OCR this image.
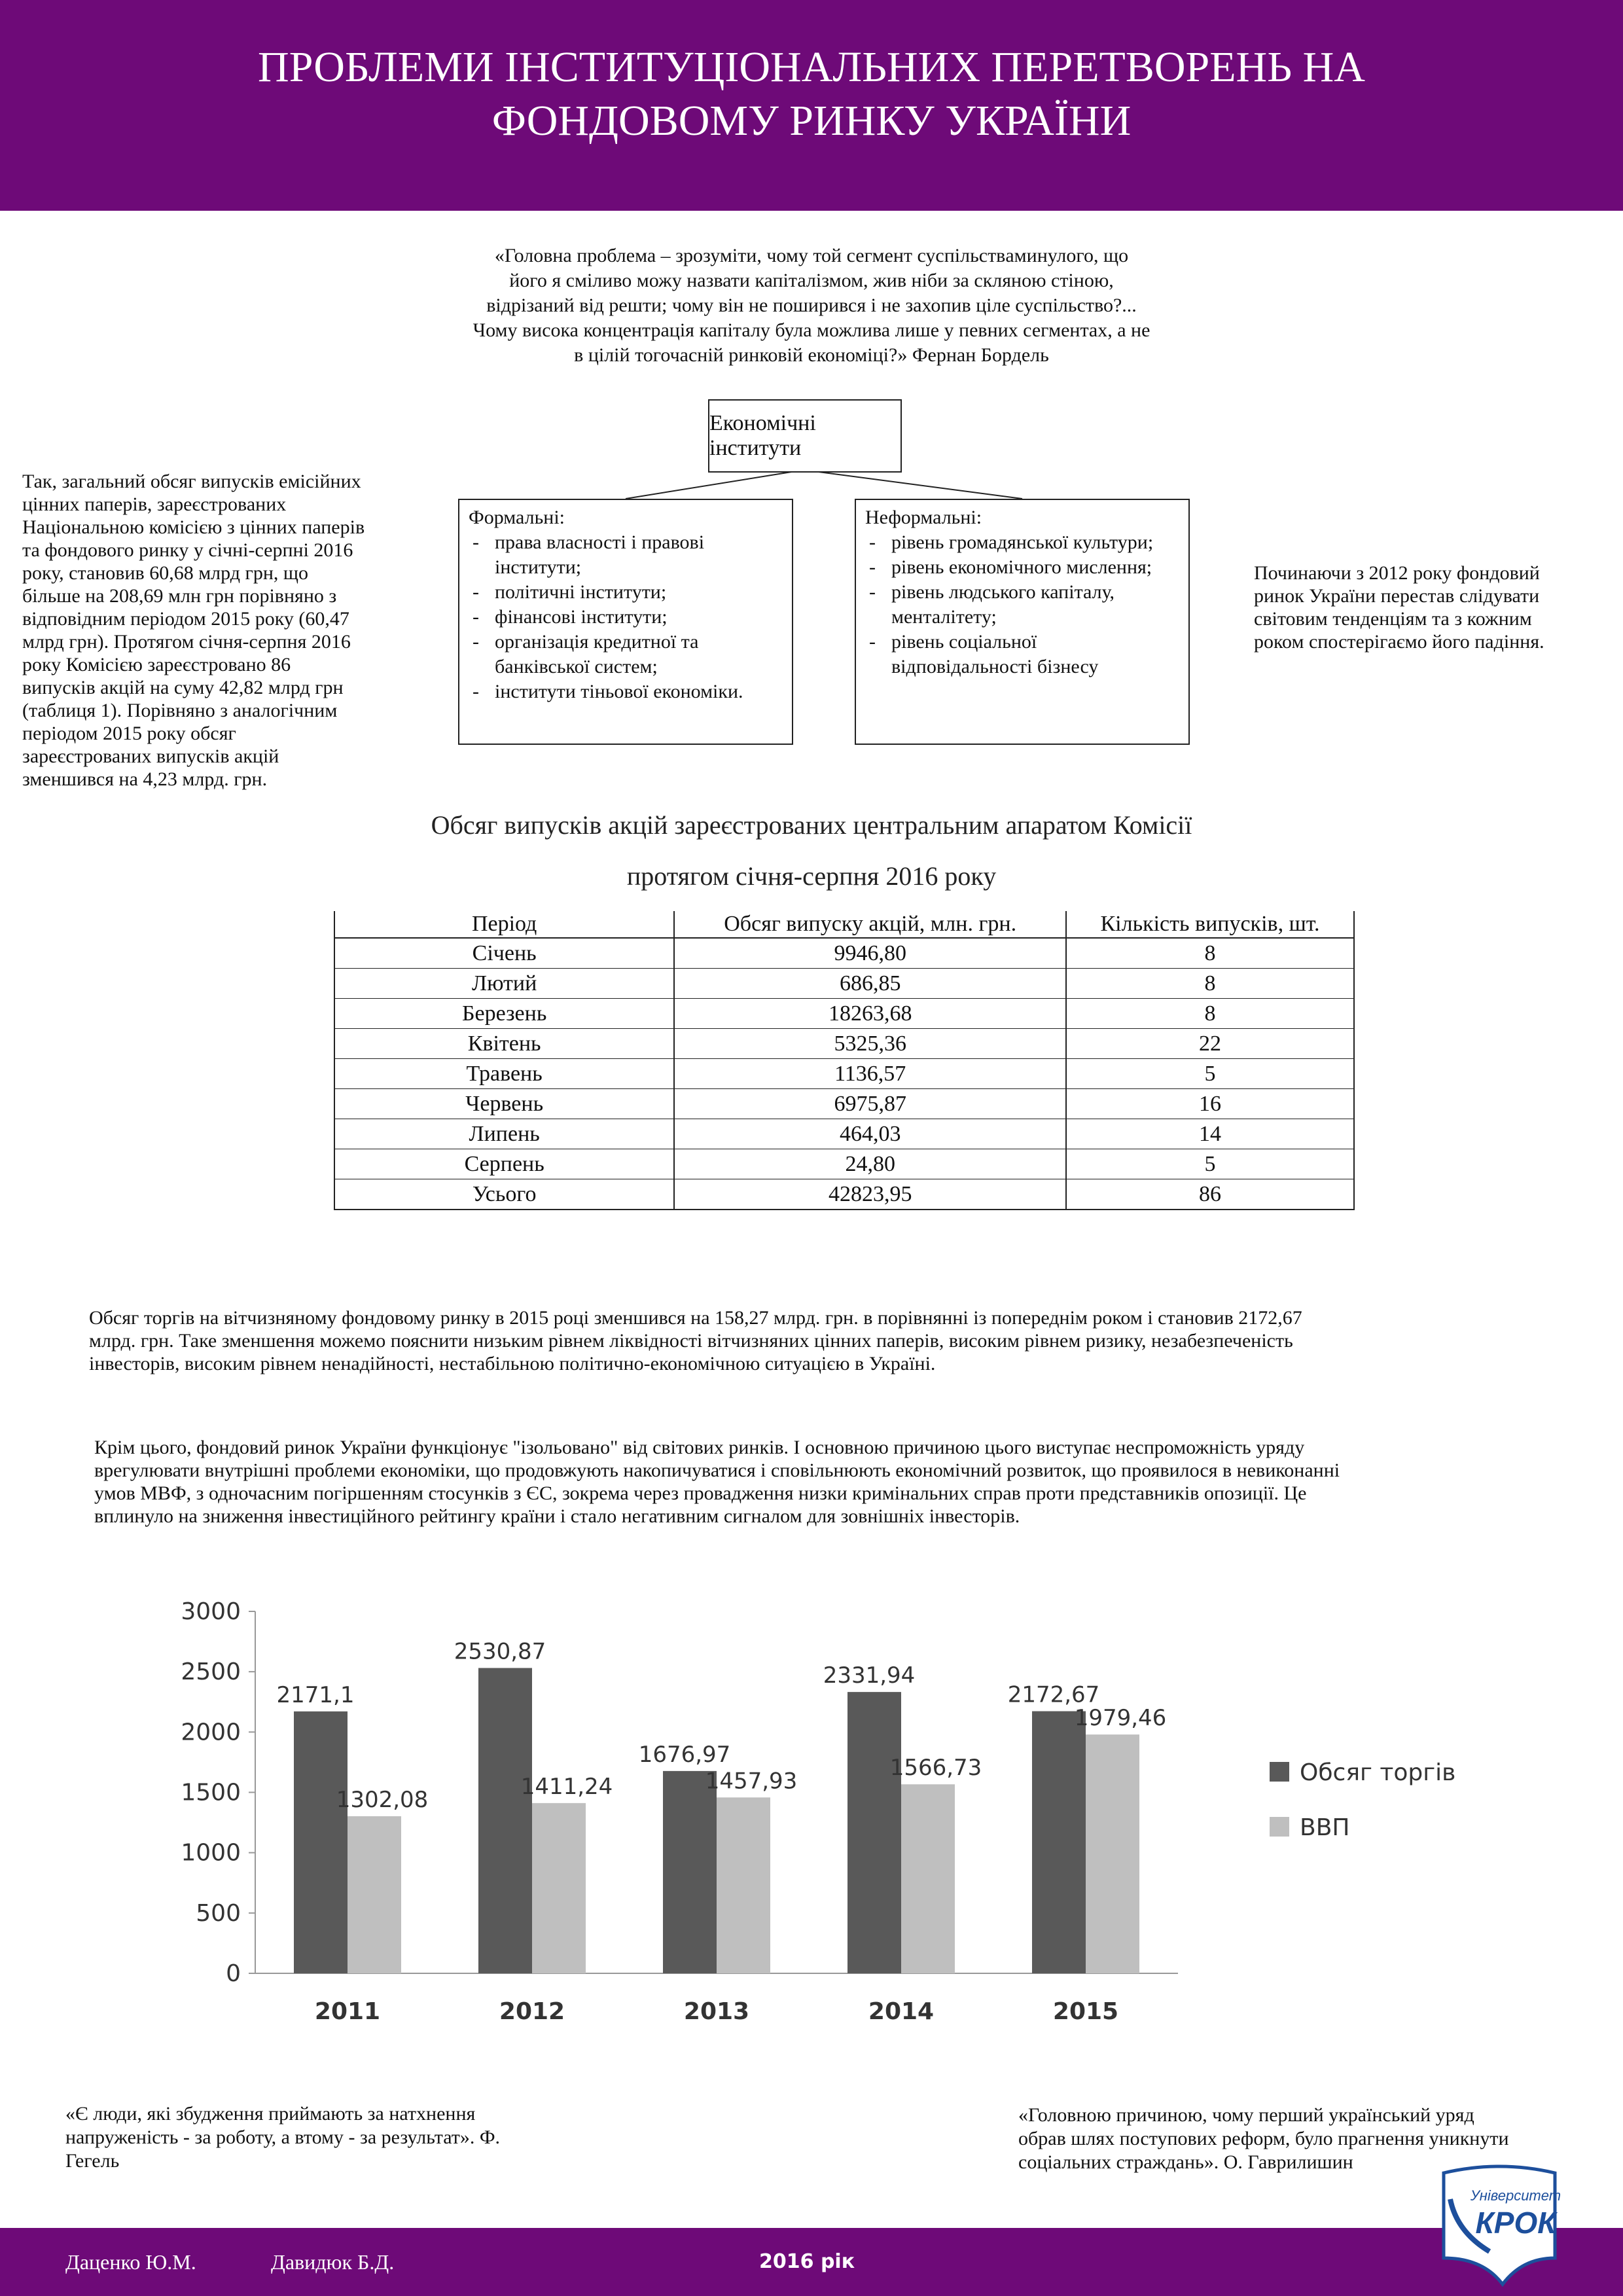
ПРОБЛЕМИ ІНСТИТУЦІОНАЛЬНИХ ПЕРЕТВОРЕНЬ НА
ФОНДОВОМУ РИНКУ УКРАЇНИ
«Головна проблема – зрозуміти, чому той сегмент суспільствaминулого, що
його я сміливо можу назвати капіталізмом, жив ніби за скляною стіною,
відрізаний від решти; чому він не поширився і не захопив ціле суспільство?...
Чому висока концентрація капіталу була можлива лише у певних сегментах, а не
в цілій тогочасній ринковій економіці?» Фернан Бордель
Так, загальний обсяг випусків емісійних
цінних паперів, зареєстрованих
Національною комісією з цінних паперів
та фондового ринку у січні-серпні 2016
року, становив 60,68 млрд грн, що
більше на 208,69 млн грн порівняно з
відповідним періодом 2015 року (60,47
млрд грн). Протягом січня-серпня 2016
року Комісією зареєстровано 86
випусків акцій на суму 42,82 млрд грн
(таблиця 1). Порівняно з аналогічним
періодом 2015 року обсяг
зареєстрованих випусків акцій
зменшився на 4,23 млрд. грн.
Починаючи з 2012 року фондовий
ринок України перестав слідувати
світовим тенденціям та з кожним
роком спостерігаємо його падіння.
Економічні інститути
Формальні:
- права власності і правові інститути;
- політичні інститути;
- фінансові інститути;
- організація кредитної та банківської систем;
- інститути тіньової економіки.
Неформальні:
- рівень громадянської культури;
- рівень економічного мислення;
- рівень людського капіталу, менталітету;
- рівень соціальної відповідальності бізнесу
Обсяг випусків акцій зареєстрованих центральним апаратом Комісії
протягом січня-серпня 2016 року
Період	Обсяг випуску акцій, млн. грн.	Кількість випусків, шт.
Січень	9946,80	8
Лютий	686,85	8
Березень	18263,68	8
Квітень	5325,36	22
Травень	1136,57	5
Червень	6975,87	16
Липень	464,03	14
Серпень	24,80	5
Усього	42823,95	86
Обсяг торгів на вітчизняному фондовому ринку в 2015 році зменшився на 158,27 млрд. грн. в порівнянні із попереднім роком і становив 2172,67
млрд. грн. Таке зменшення можемо пояснити низьким рівнем ліквідності вітчизняних цінних паперів, високим рівнем ризику, незабезпеченість
інвесторів, високим рівнем ненадійності, нестабільною політично-економічною ситуацією в Україні.
Крім цього, фондовий ринок України функціонує "ізольовано" від світових ринків. І основною причиною цього виступає неспроможність уряду
врегулювати внутрішні проблеми економіки, що продовжують накопичуватися і сповільнюють економічний розвиток, що проявилося в невиконанні
умов МВФ, з одночасним погіршенням стосунків з ЄС, зокрема через провадження низки кримінальних справ проти представників опозиції. Це
вплинуло на зниження інвестиційного рейтингу країни і стало негативним сигналом для зовнішніх інвесторів.
0
500
1000
1500
2000
2500
3000
2171,1
1302,08
2011
2530,87
1411,24
2012
1676,97
1457,93
2013
2331,94
1566,73
2014
2172,67
1979,46
2015
Обсяг торгів
ВВП
«Є люди, які збудження приймають за натхнення
напруженість - за роботу, а втому - за результат». Ф.
Гегель
«Головною причиною, чому перший український уряд
обрав шлях поступових реформ, було прагнення уникнути
соціальних страждань». О. Гаврилишин
Даценко Ю.М.	Давидюк Б.Д.	2016 рік
Університет
КРОК
